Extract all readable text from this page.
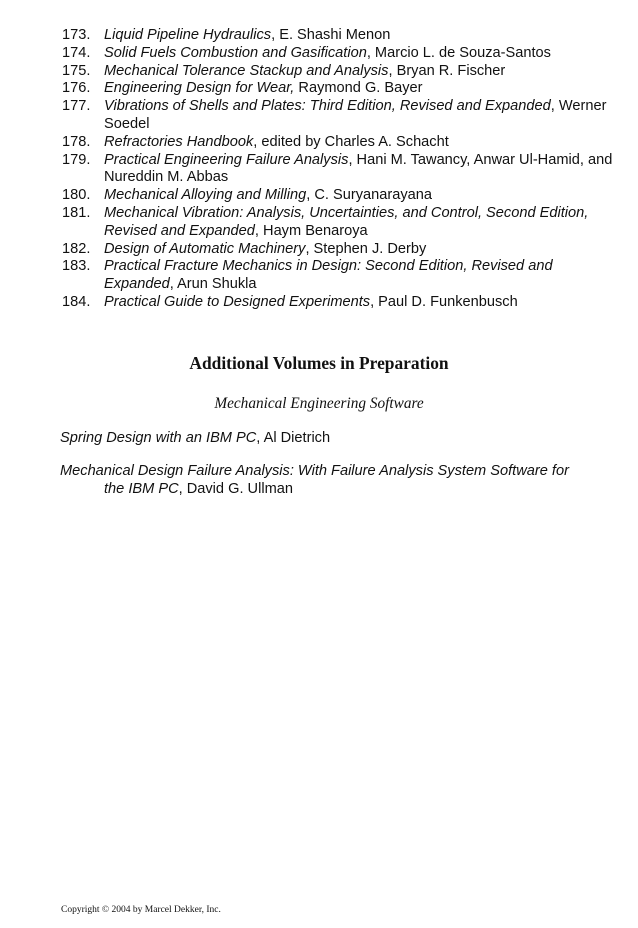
173. Liquid Pipeline Hydraulics, E. Shashi Menon
174. Solid Fuels Combustion and Gasification, Marcio L. de Souza-Santos
175. Mechanical Tolerance Stackup and Analysis, Bryan R. Fischer
176. Engineering Design for Wear, Raymond G. Bayer
177. Vibrations of Shells and Plates: Third Edition, Revised and Expanded, Werner Soedel
178. Refractories Handbook, edited by Charles A. Schacht
179. Practical Engineering Failure Analysis, Hani M. Tawancy, Anwar Ul-Hamid, and Nureddin M. Abbas
180. Mechanical Alloying and Milling, C. Suryanarayana
181. Mechanical Vibration: Analysis, Uncertainties, and Control, Second Edition, Revised and Expanded, Haym Benaroya
182. Design of Automatic Machinery, Stephen J. Derby
183. Practical Fracture Mechanics in Design: Second Edition, Revised and Expanded, Arun Shukla
184. Practical Guide to Designed Experiments, Paul D. Funkenbusch
Additional Volumes in Preparation
Mechanical Engineering Software
Spring Design with an IBM PC, Al Dietrich
Mechanical Design Failure Analysis: With Failure Analysis System Software for the IBM PC, David G. Ullman
Copyright © 2004 by Marcel Dekker, Inc.
